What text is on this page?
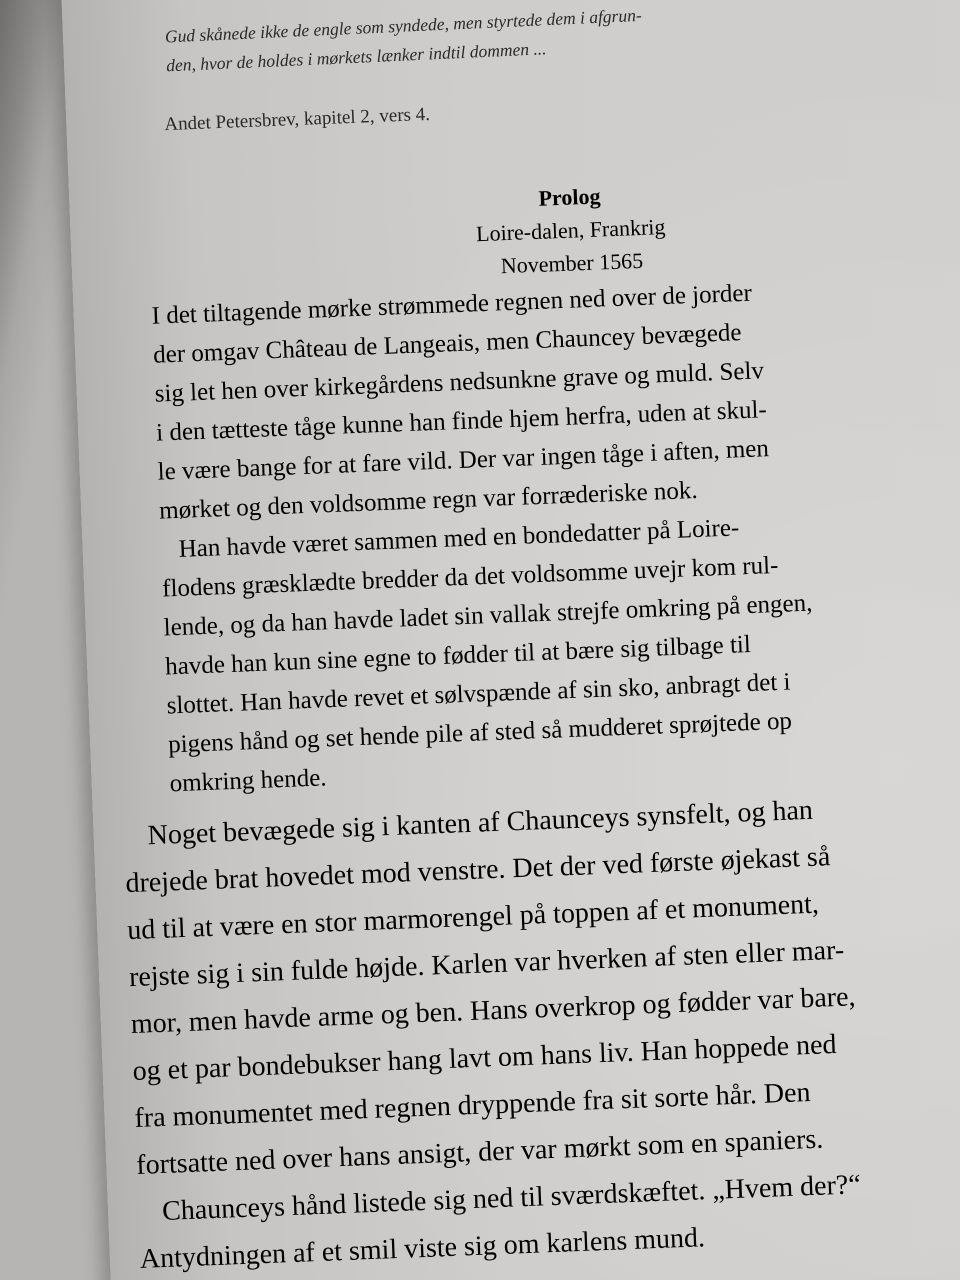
Gud skånede ikke de engle som syndede, men styrtede dem i afgrun-
den, hvor de holdes i mørkets lænker indtil dommen ...
Andet Petersbrev, kapitel 2, vers 4.
Prolog
Loire-dalen, Frankrig
November 1565

I det tiltagende mørke strømmede regnen ned over de jorder
der omgav Château de Langeais, men Chauncey bevægede
sig let hen over kirkegårdens nedsunkne grave og muld. Selv
i den tætteste tåge kunne han finde hjem herfra, uden at skul-
le være bange for at fare vild. Der var ingen tåge i aften, men
mørket og den voldsomme regn var forræderiske nok.

Han havde været sammen med en bondedatter på Loire-
flodens græsklædte bredder da det voldsomme uvejr kom rul-
lende, og da han havde ladet sin vallak strejfe omkring på engen,
havde han kun sine egne to fødder til at bære sig tilbage til
slottet. Han havde revet et sølvspænde af sin sko, anbragt det i
pigens hånd og set hende pile af sted så mudderet sprøjtede op
omkring hende.

Noget bevægede sig i kanten af Chaunceys synsfelt, og han
drejede brat hovedet mod venstre. Det der ved første øjekast så
ud til at være en stor marmorengel på toppen af et monument,
rejste sig i sin fulde højde. Karlen var hverken af sten eller mar-
mor, men havde arme og ben. Hans overkrop og fødder var bare,
og et par bondebukser hang lavt om hans liv. Han hoppede ned
fra monumentet med regnen dryppende fra sit sorte hår. Den
fortsatte ned over hans ansigt, der var mørkt som en spaniers.
Chaunceys hånd listede sig ned til sværdskæftet. „Hvem der?“
Antydningen af et smil viste sig om karlens mund.
